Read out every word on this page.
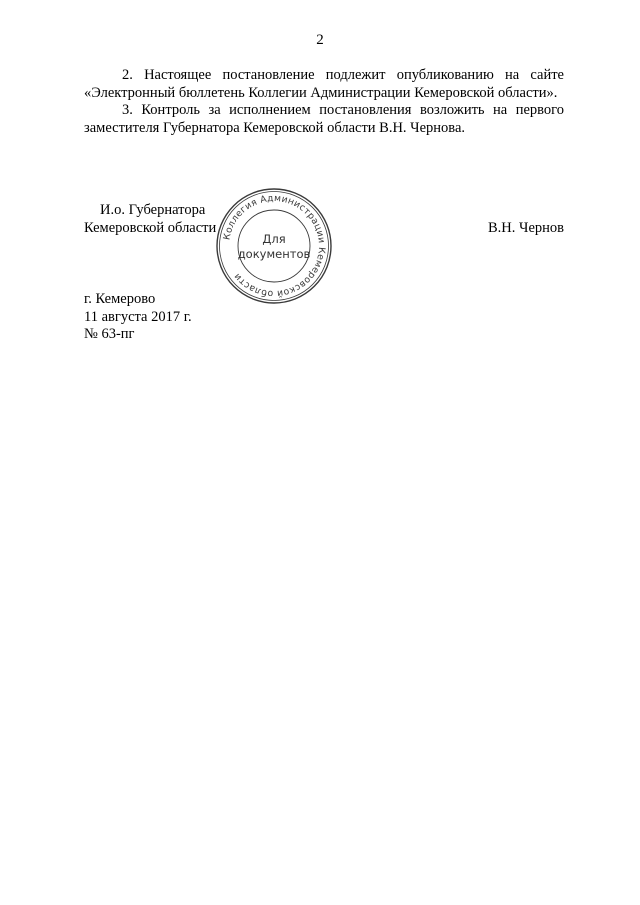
2

2. Настоящее постановление подлежит опубликованию на сайте «Электронный бюллетень Коллегии Администрации Кемеровской области».

3. Контроль за исполнением постановления возложить на первого заместителя Губернатора Кемеровской области В.Н. Чернова.

И.о. Губернатора
Кемеровской области	В.Н. Чернов
Коллегия Администрации Кемеровской области
Для
документов
г. Кемерово
11 августа 2017 г.
№ 63-пг
